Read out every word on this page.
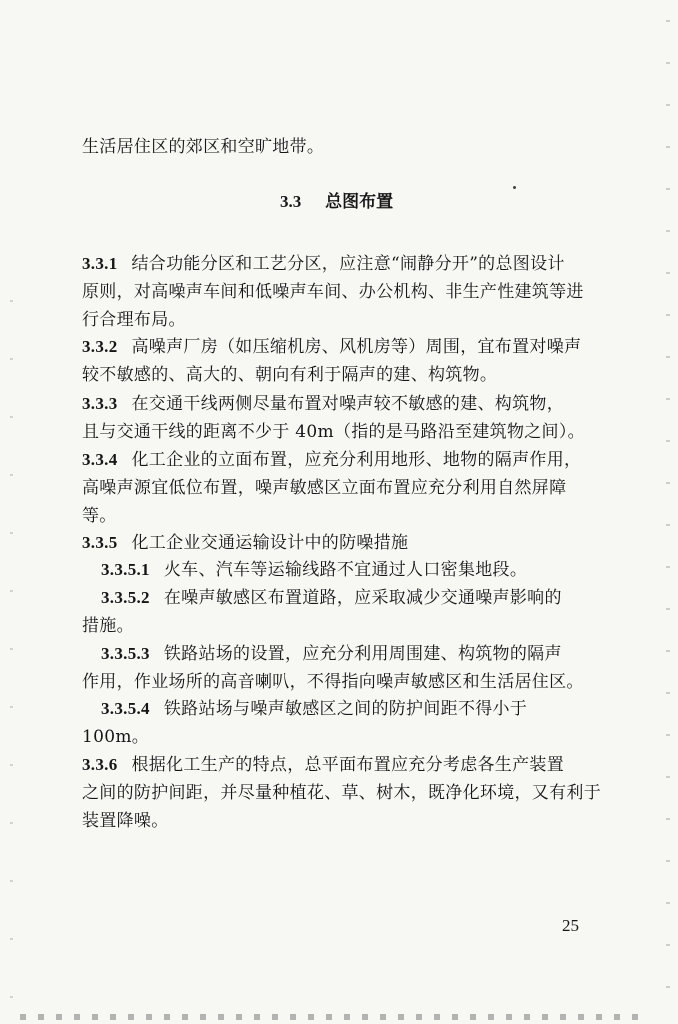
生活居住区的郊区和空旷地带。
3.3 总图布置
3.3.1 结合功能分区和工艺分区，应注意“闹静分开”的总图设计
原则，对高噪声车间和低噪声车间、办公机构、非生产性建筑等进
行合理布局。
3.3.2 高噪声厂房（如压缩机房、风机房等）周围，宜布置对噪声
较不敏感的、高大的、朝向有利于隔声的建、构筑物。
3.3.3 在交通干线两侧尽量布置对噪声较不敏感的建、构筑物，
且与交通干线的距离不少于 40m（指的是马路沿至建筑物之间）。
3.3.4 化工企业的立面布置，应充分利用地形、地物的隔声作用，
高噪声源宜低位布置，噪声敏感区立面布置应充分利用自然屏障
等。
3.3.5 化工企业交通运输设计中的防噪措施
3.3.5.1 火车、汽车等运输线路不宜通过人口密集地段。
3.3.5.2 在噪声敏感区布置道路，应采取减少交通噪声影响的
措施。
3.3.5.3 铁路站场的设置，应充分利用周围建、构筑物的隔声
作用，作业场所的高音喇叭，不得指向噪声敏感区和生活居住区。
3.3.5.4 铁路站场与噪声敏感区之间的防护间距不得小于
100m。
3.3.6 根据化工生产的特点，总平面布置应充分考虑各生产装置
之间的防护间距，并尽量种植花、草、树木，既净化环境，又有利于
装置降噪。
25
